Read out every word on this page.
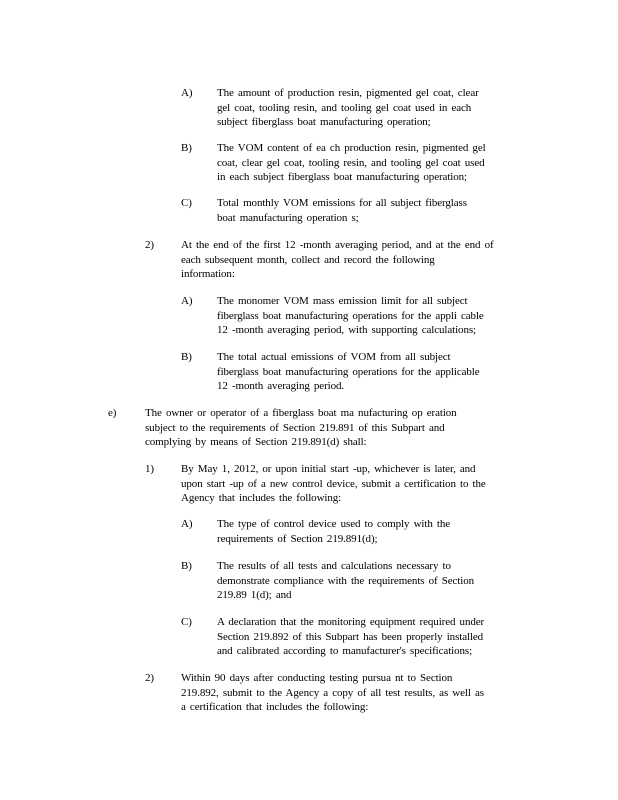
A) The amount of production resin, pigmented gel coat, clear
gel coat, tooling resin, and tooling gel coat used in each
subject fiberglass boat manufacturing operation;
B) The VOM content of ea ch production resin, pigmented gel
coat, clear gel coat, tooling resin, and tooling gel coat used
in each subject fiberglass boat manufacturing operation;
C) Total monthly VOM emissions for all subject fiberglass
boat manufacturing operation s;
2) At the end of the first 12 -month averaging period, and at the end of
each subsequent month, collect and record the following
information:
A) The monomer VOM mass emission limit for all subject
fiberglass boat manufacturing operations for the appli cable
12 -month averaging period, with supporting calculations;
B) The total actual emissions of VOM from all subject
fiberglass boat manufacturing operations for the applicable
12 -month averaging period.
e)	The owner or operator of a fiberglass boat ma nufacturing op eration
subject to the requirements of Section 219.891 of this Subpart and
complying by means of Section 219.891(d) shall:
1) By May 1, 2012, or upon initial start -up, whichever is later, and
upon start -up of a new control device, submit a certification to the
Agency that includes the following:
A) The type of control device used to comply with the
requirements of Section 219.891(d);
B) The results of all tests and calculations necessary to
demonstrate compliance with the requirements of Section
219.89 1(d); and
C) A declaration that the monitoring equipment required under
Section 219.892 of this Subpart has been properly installed
and calibrated according to manufacturer's specifications;
2) Within 90 days after conducting testing pursua nt to Section
219.892, submit to the Agency a copy of all test results, as well as
a certification that includes the following:
